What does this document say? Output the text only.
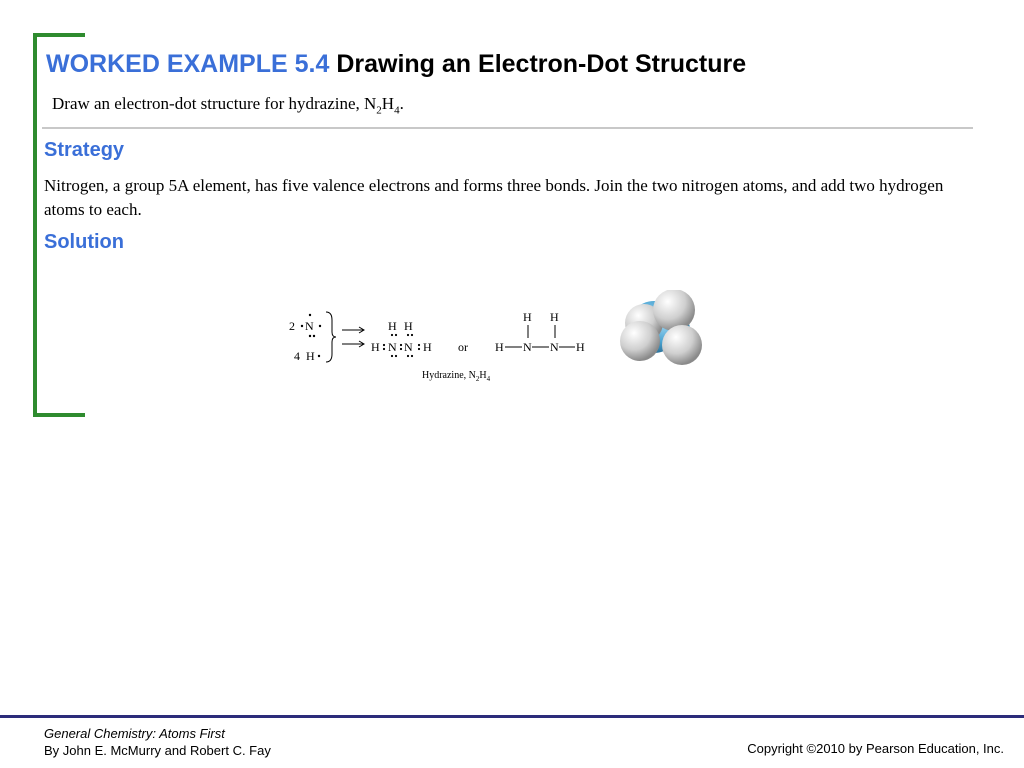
WORKED EXAMPLE 5.4 Drawing an Electron-Dot Structure
Draw an electron-dot structure for hydrazine, $N_2H_4$.
Strategy
Nitrogen, a group 5A element, has five valence electrons and forms three bonds. Join the two nitrogen atoms, and add two hydrogen atoms to each.
Solution
2 N
4 H
H H
H N N H or
H H
H N N H
Hydrazine, $N_2H_4$
General Chemistry: Atoms First
By John E. McMurry and Robert C. Fay	Copyright ©2010 by Pearson Education, Inc.
